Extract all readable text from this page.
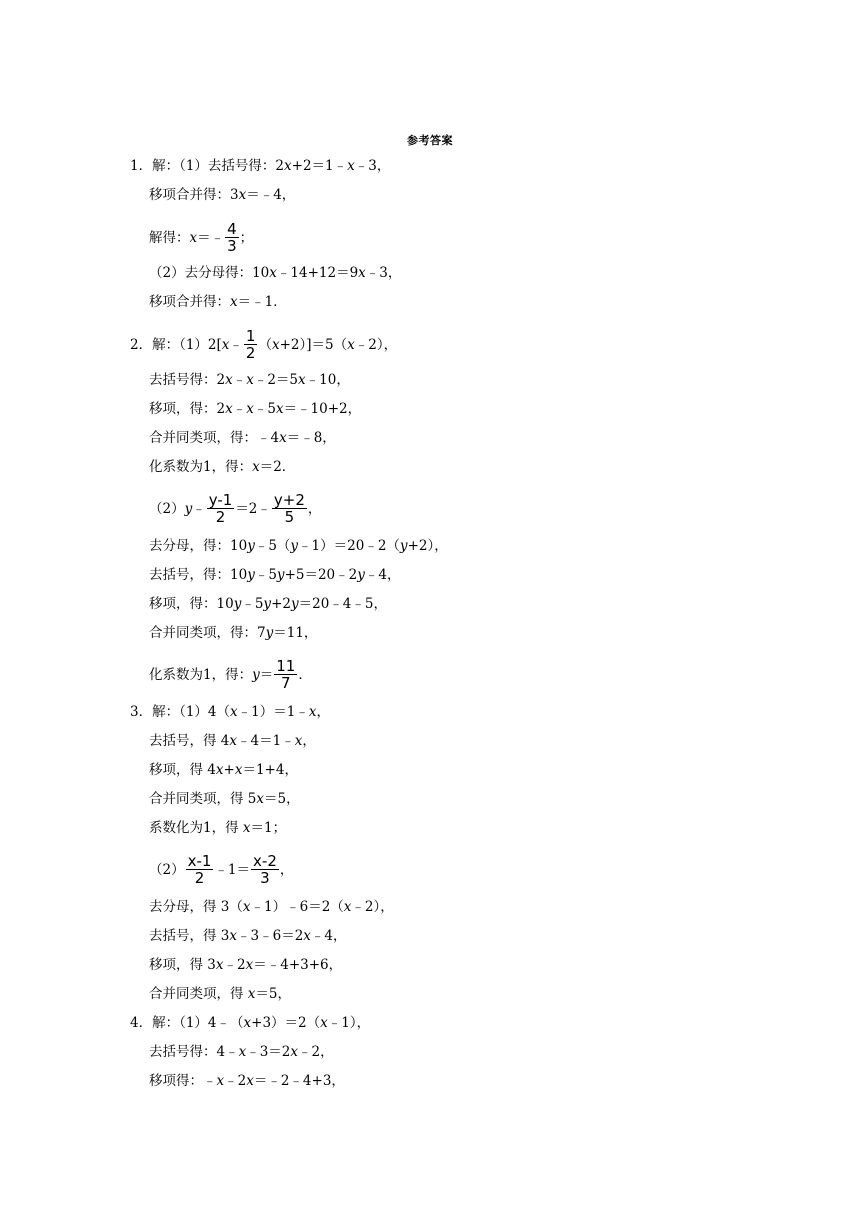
参考答案
1．解：（1）去括号得：2x+2＝1﹣x﹣3，
移项合并得：3x＝﹣4，
解得： x ＝﹣ $\frac{4}{3}$ ；
（2）去分母得：10x﹣14+12＝9x﹣3，
移项合并得：x＝﹣1．
2．解：（1）2[ x ﹣ $\frac{1}{2}$ （ x +2）]＝5（ x ﹣2），
去括号得：2x﹣x﹣2＝5x﹣10，
移项，得：2x﹣x﹣5x＝﹣10+2，
合并同类项，得：﹣4x＝﹣8，
化系数为1，得：x＝2．
（2） y ﹣ $\frac{y-1}{2}$ ＝2﹣ $\frac{y+2}{5}$ ，
去分母，得：10y﹣5（y﹣1）＝20﹣2（y+2），
去括号，得：10y﹣5y+5＝20﹣2y﹣4，
移项，得：10y﹣5y+2y＝20﹣4﹣5，
合并同类项，得：7y＝11，
化系数为1，得： $y = \frac{11}{7}$ ．
3．解：（1）4（x﹣1）＝1﹣x，
去括号，得 4x﹣4＝1﹣x，
移项，得 4x+x＝1+4，
合并同类项，得 5x＝5，
系数化为1，得 x＝1；
$(2) \frac{x-1}{2}$ ﹣1＝ $\frac{x-2}{3}$ ，
去分母，得 3（x﹣1）﹣6＝2（x﹣2），
去括号，得 3x﹣3﹣6＝2x﹣4，
移项，得 3x﹣2x＝﹣4+3+6，
合并同类项，得 x＝5，
4．解：（1）4﹣（x+3）＝2（x﹣1），
去括号得：4﹣x﹣3＝2x﹣2，
移项得：﹣x﹣2x＝﹣2﹣4+3，
